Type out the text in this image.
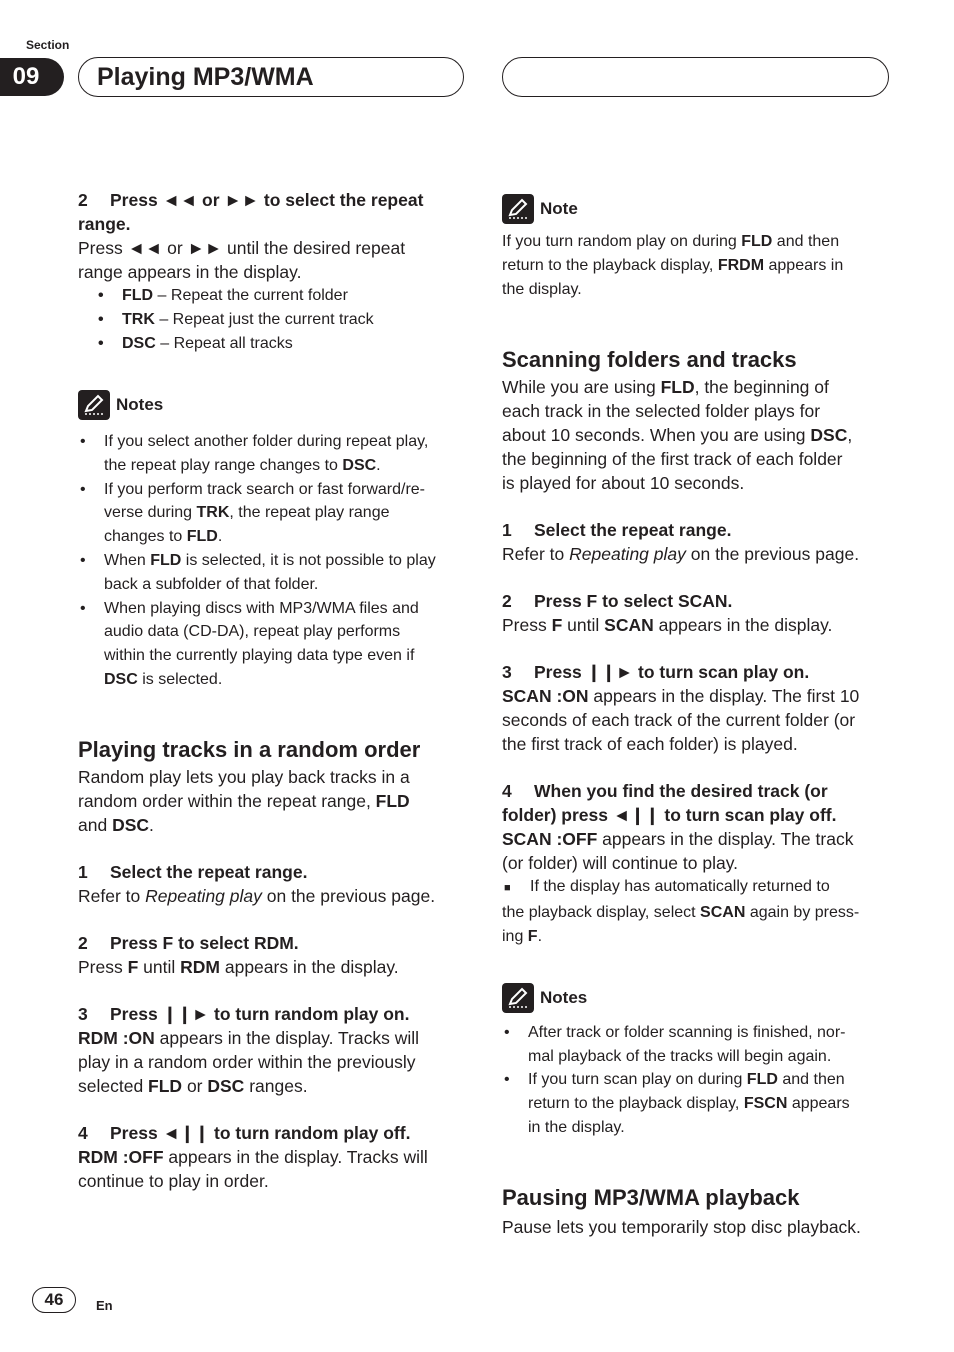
Section
09	Playing MP3/WMA

2 Press ◄◄ or ►► to select the repeat
range.

Press ◄◄ or ►► until the desired repeat
range appears in the display.

• FLD – Repeat the current folder
• TRK – Repeat just the current track
• DSC – Repeat all tracks
Notes
• If you select another folder during repeat play,
the repeat play range changes to DSC.
• If you perform track search or fast forward/re-
verse during TRK, the repeat play range
changes to FLD.
• When FLD is selected, it is not possible to play
back a subfolder of that folder.
• When playing discs with MP3/WMA files and
audio data (CD-DA), repeat play performs
within the currently playing data type even if
DSC is selected.
Playing tracks in a random order

Random play lets you play back tracks in a
random order within the repeat range, FLD
and DSC.

1 Select the repeat range.

Refer to Repeating play on the previous page.

2 Press F to select RDM.

Press F until RDM appears in the display.

3 Press ❙❙► to turn random play on.

RDM :ON appears in the display. Tracks will
play in a random order within the previously
selected FLD or DSC ranges.

4 Press ◄❙❙ to turn random play off.

RDM :OFF appears in the display. Tracks will
continue to play in order.

Note

If you turn random play on during FLD and then
return to the playback display, FRDM appears in
the display.

Scanning folders and tracks

While you are using FLD, the beginning of
each track in the selected folder plays for
about 10 seconds. When you are using DSC,
the beginning of the first track of each folder
is played for about 10 seconds.

1 Select the repeat range.

Refer to Repeating play on the previous page.

2 Press F to select SCAN.

Press F until SCAN appears in the display.

3 Press ❙❙► to turn scan play on.

SCAN :ON appears in the display. The first 10
seconds of each track of the current folder (or
the first track of each folder) is played.

4 When you find the desired track (or
folder) press ◄❙❙ to turn scan play off.

SCAN :OFF appears in the display. The track
(or folder) will continue to play.

■ If the display has automatically returned to
the playback display, select SCAN again by press-
ing F.

Notes
• After track or folder scanning is finished, nor-
mal playback of the tracks will begin again.
• If you turn scan play on during FLD and then
return to the playback display, FSCN appears
in the display.
Pausing MP3/WMA playback

Pause lets you temporarily stop disc playback.

46	En
